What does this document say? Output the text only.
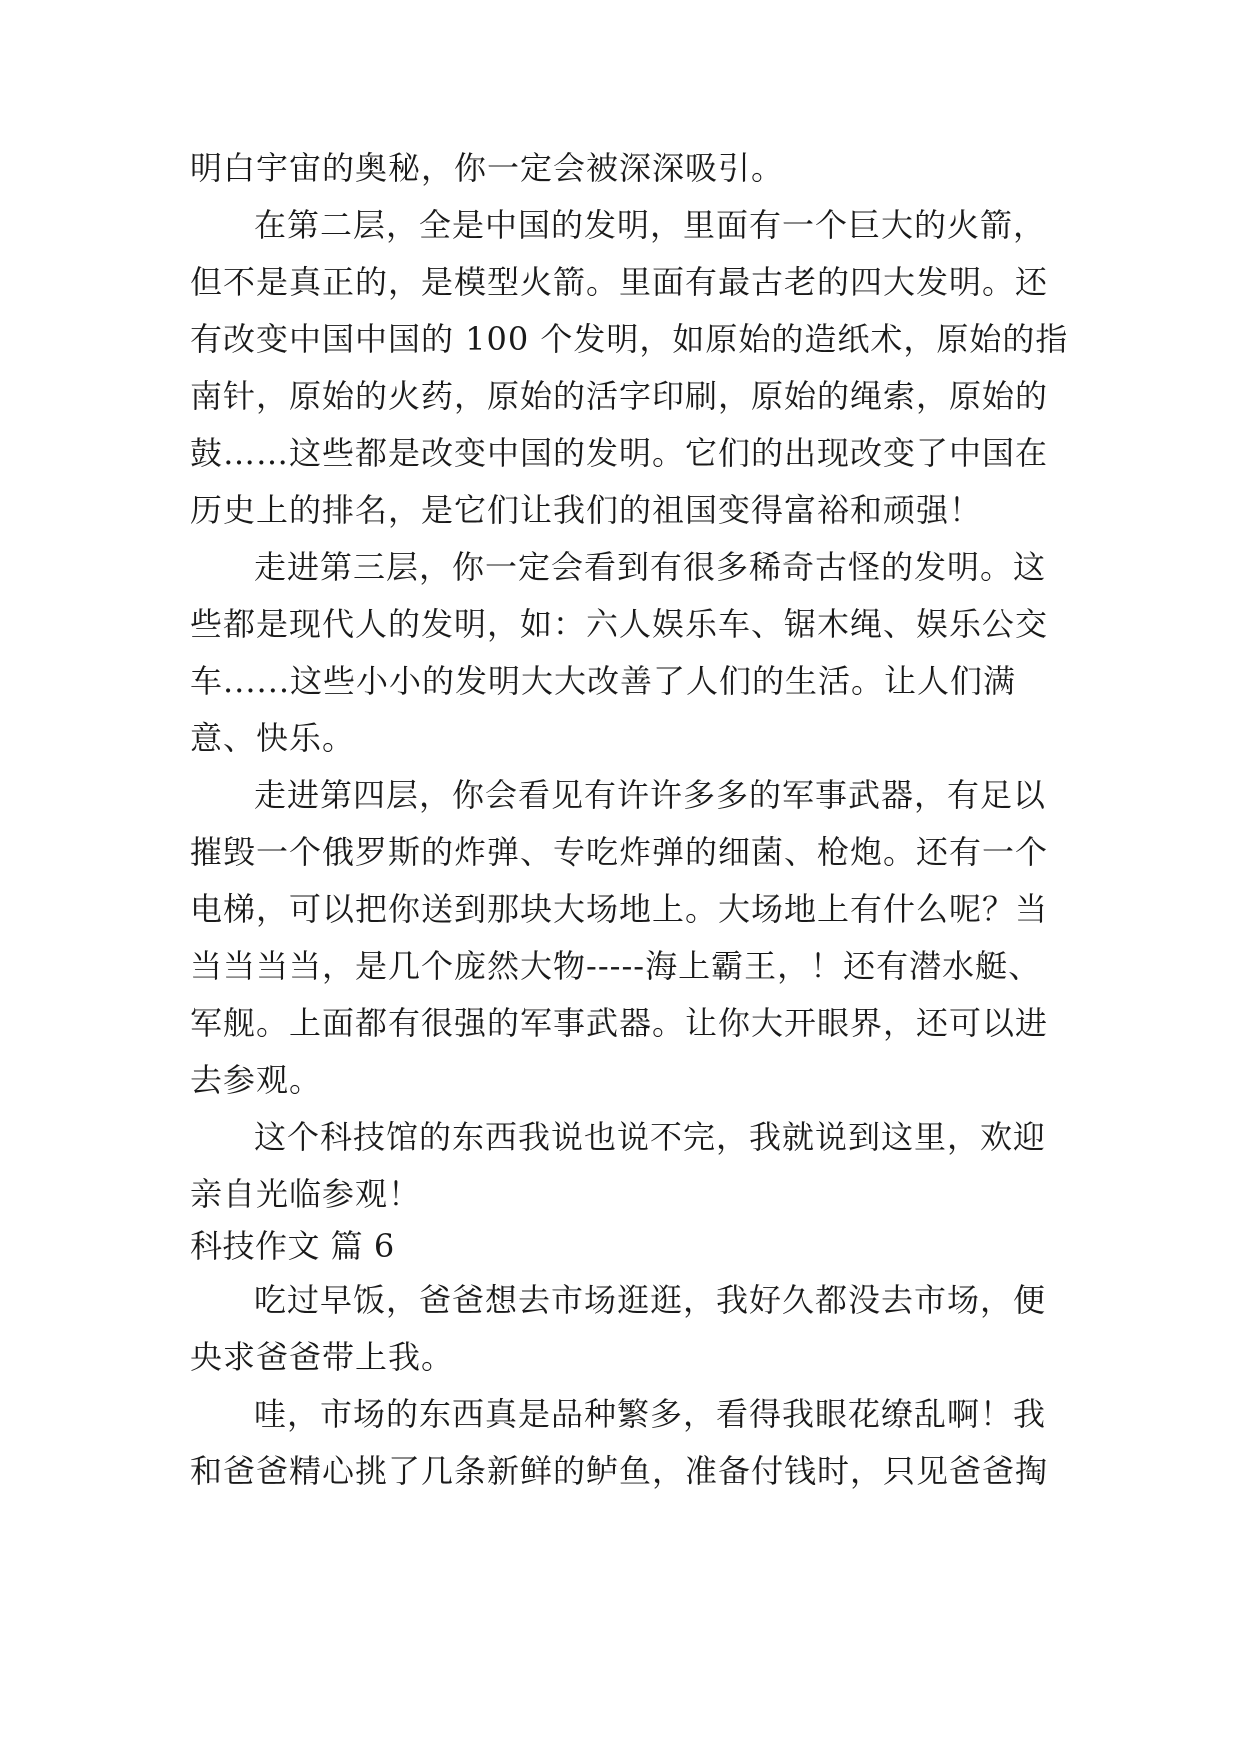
明白宇宙的奥秘，你一定会被深深吸引。
在第二层，全是中国的发明，里面有一个巨大的火箭，
但不是真正的，是模型火箭。里面有最古老的四大发明。还
有改变中国中国的 100 个发明，如原始的造纸术，原始的指
南针，原始的火药，原始的活字印刷，原始的绳索，原始的
鼓……这些都是改变中国的发明。它们的出现改变了中国在
历史上的排名，是它们让我们的祖国变得富裕和顽强！
走进第三层，你一定会看到有很多稀奇古怪的发明。这
些都是现代人的发明，如：六人娱乐车、锯木绳、娱乐公交
车......这些小小的发明大大改善了人们的生活。让人们满
意、快乐。
走进第四层，你会看见有许许多多的军事武器，有足以
摧毁一个俄罗斯的炸弹、专吃炸弹的细菌、枪炮。还有一个
电梯，可以把你送到那块大场地上。大场地上有什么呢？当
当当当当，是几个庞然大物-----海上霸王，！还有潜水艇、
军舰。上面都有很强的军事武器。让你大开眼界，还可以进
去参观。
这个科技馆的东西我说也说不完，我就说到这里，欢迎
亲自光临参观！
科技作文 篇 6
吃过早饭，爸爸想去市场逛逛，我好久都没去市场，便
央求爸爸带上我。
哇，市场的东西真是品种繁多，看得我眼花缭乱啊！我
和爸爸精心挑了几条新鲜的鲈鱼，准备付钱时，只见爸爸掏
